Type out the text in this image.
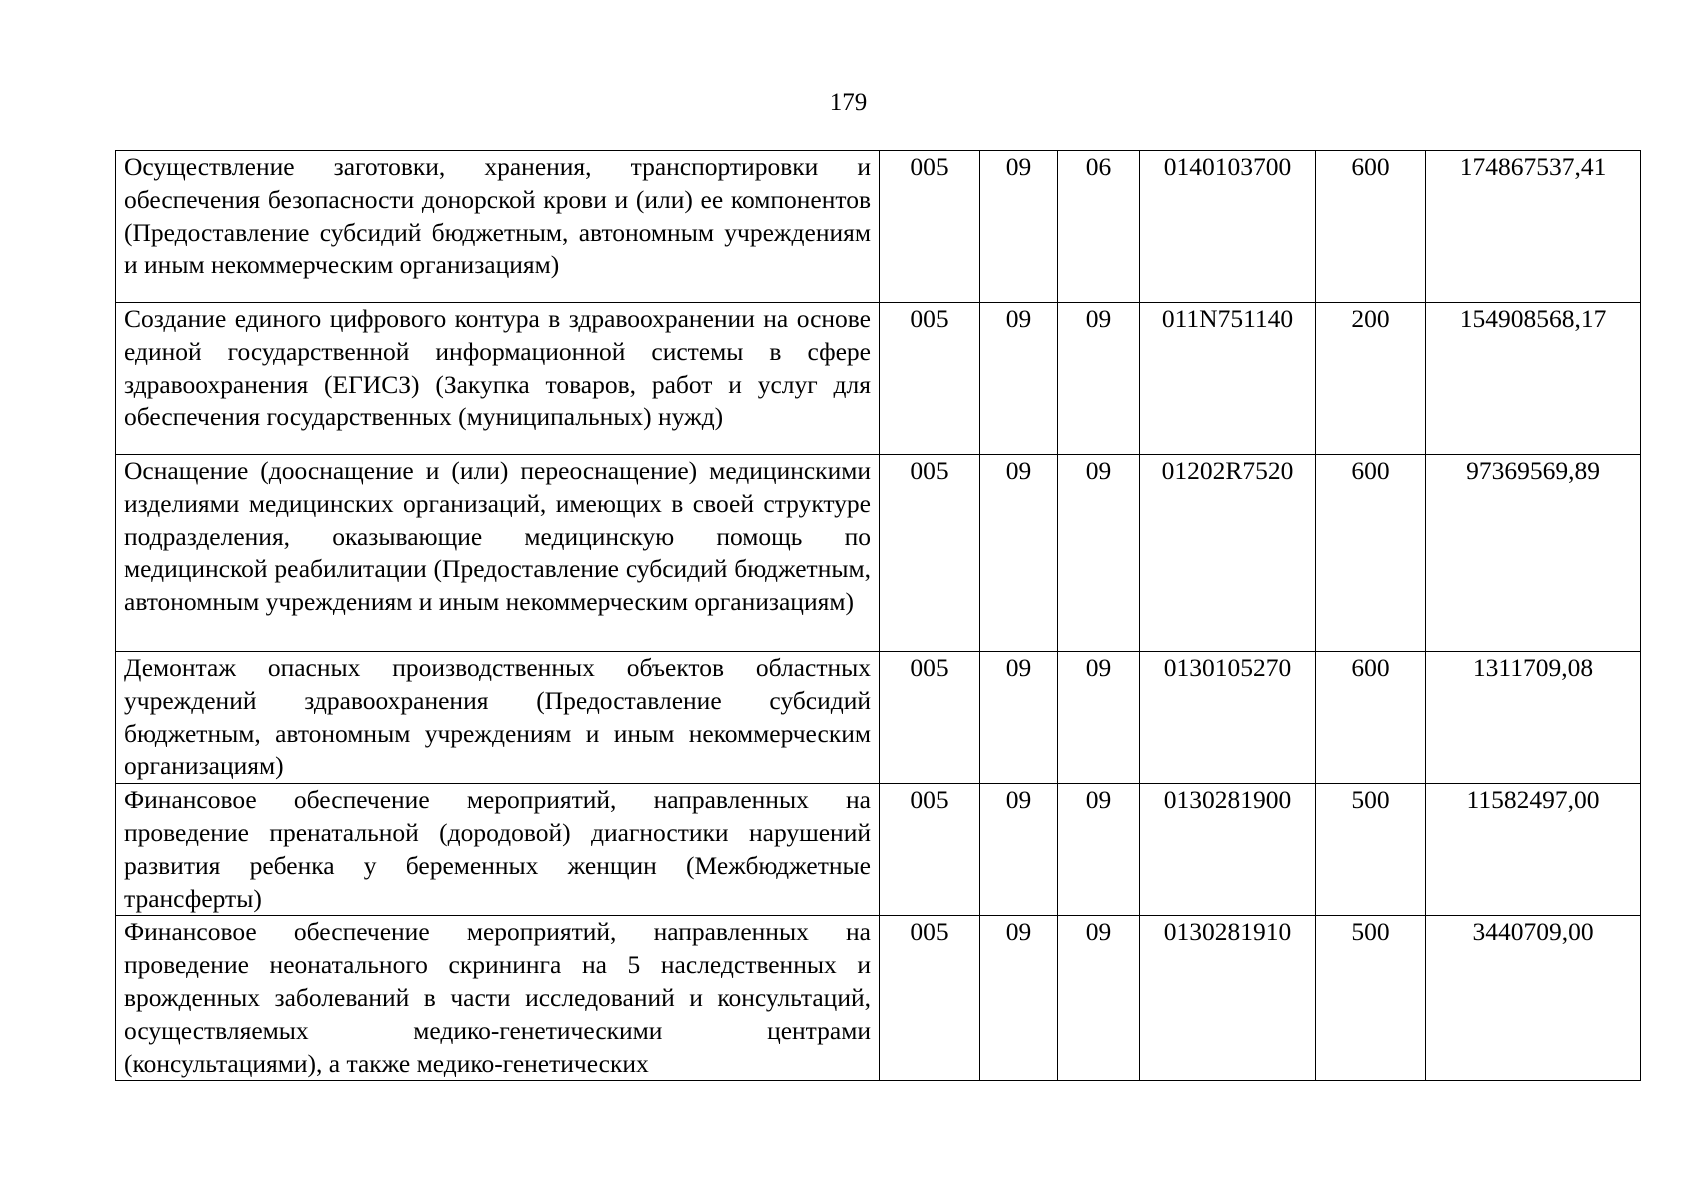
179
Осуществление заготовки, хранения, транспортировки и обеспечения безопасности донорской крови и (или) ее компонентов (Предоставление субсидий бюджетным, автономным учреждениям и иным некоммерческим организациям)	005	09	06	0140103700	600	174867537,41
Создание единого цифрового контура в здравоохранении на основе единой государственной информационной системы в сфере здравоохранения (ЕГИСЗ) (Закупка товаров, работ и услуг для обеспечения государственных (муниципальных) нужд)	005	09	09	011N751140	200	154908568,17
Оснащение (дооснащение и (или) переоснащение) медицинскими изделиями медицинских организаций, имеющих в своей структуре подразделения, оказывающие медицинскую помощь по медицинской реабилитации (Предоставление субсидий бюджетным, автономным учреждениям и иным некоммерческим организациям)	005	09	09	01202R7520	600	97369569,89
Демонтаж опасных производственных объектов областных учреждений здравоохранения (Предоставление субсидий бюджетным, автономным учреждениям и иным некоммерческим организациям)	005	09	09	0130105270	600	1311709,08
Финансовое обеспечение мероприятий, направленных на проведение пренатальной (дородовой) диагностики нарушений развития ребенка у беременных женщин (Межбюджетные трансферты)	005	09	09	0130281900	500	11582497,00
Финансовое обеспечение мероприятий, направленных на проведение неонатального скрининга на 5 наследственных и врожденных заболеваний в части исследований и консультаций, осуществляемых медико-генетическими центрами (консультациями), а также медико-генетических	005	09	09	0130281910	500	3440709,00
